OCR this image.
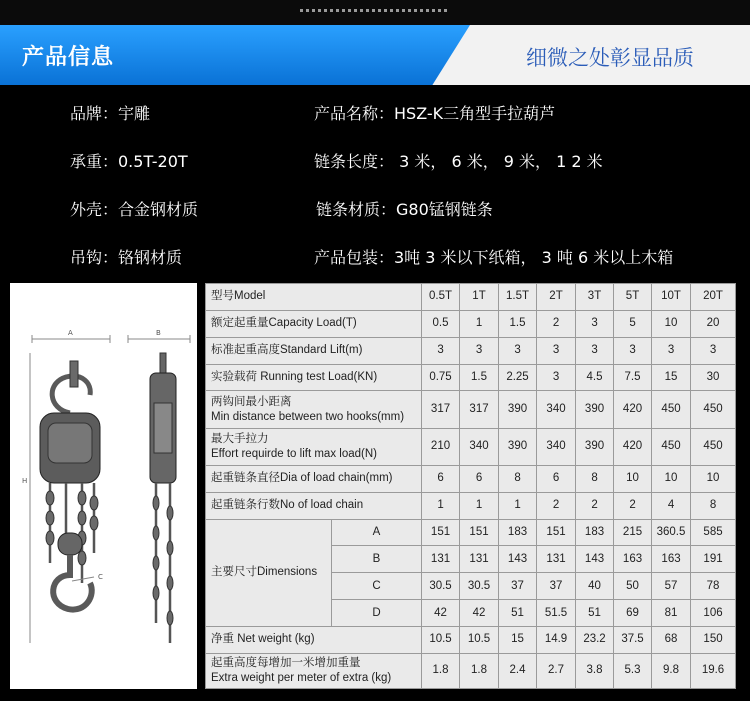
产品信息	细微之处彰显品质
品牌：宇雕	产品名称：HSZ-K三角型手拉葫芦
承重：0.5T-20T	链条长度： 3 米， 6 米， 9 米， 1 2 米
外壳：合金钢材质	链条材质：G80锰钢链条
吊钩：铬钢材质	产品包装：3吨 3 米以下纸箱， 3 吨 6 米以上木箱
A	B
H
C
型号Model		0.5T	1T	1.5T	2T	3T	5T	10T	20T

额定起重量Capacity Load(T)		0.5	1	1.5	2	3	5	10	20

标准起重高度Standard Lift(m)		3	3	3	3	3	3	3	3

实验载荷 Running test Load(KN)		0.75	1.5	2.25	3	4.5	7.5	15	30

两钩间最小距离
Min distance between two hooks(mm)		317	317	390	340	390	420	450	450

最大手拉力
Effort requirde to lift max load(N)		210	340	390	340	390	420	450	450

起重链条直径Dia of load chain(mm)		6	6	8	6	8	10	10	10

起重链条行数No of load chain		1	1	1	2	2	2	4	8
主要尺寸Dimensions	A	151	151	183	151	183	215	360.5	585
	B	131	131	143	131	143	163	163	191
	C	30.5	30.5	37	37	40	50	57	78
	D	42	42	51	51.5	51	69	81	106

净重 Net weight (kg)		10.5	10.5	15	14.9	23.2	37.5	68	150

起重高度每增加一米增加重量
Extra weight per meter of extra (kg)		1.8	1.8	2.4	2.7	3.8	5.3	9.8	19.6
